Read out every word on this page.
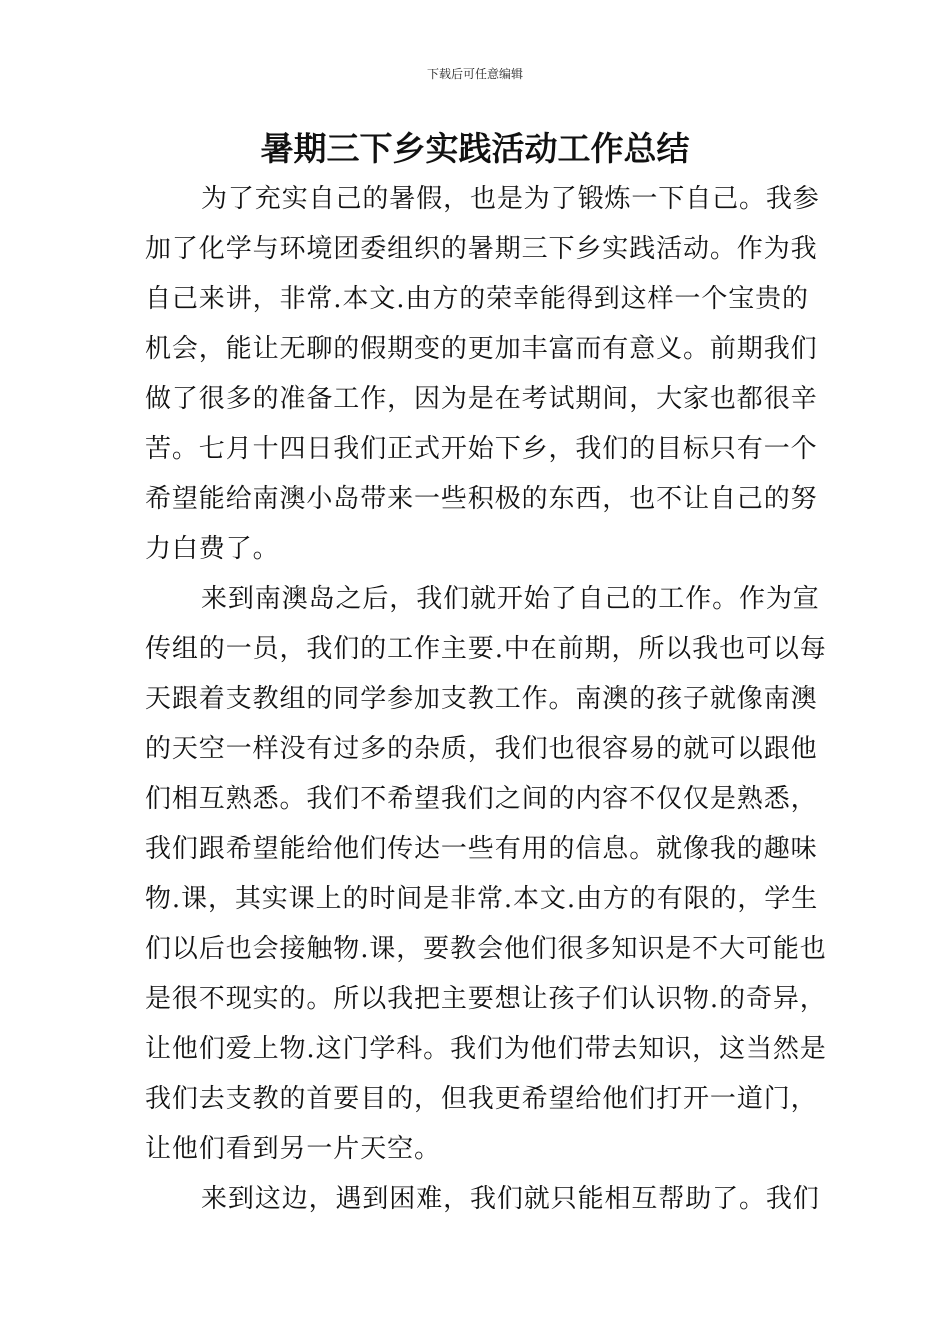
下载后可任意编辑
暑期三下乡实践活动工作总结

为了充实自己的暑假，也是为了锻炼一下自己。我参
加了化学与环境团委组织的暑期三下乡实践活动。作为我
自己来讲，非常.本文.由方的荣幸能得到这样一个宝贵的
机会，能让无聊的假期变的更加丰富而有意义。前期我们
做了很多的准备工作，因为是在考试期间，大家也都很辛
苦。七月十四日我们正式开始下乡，我们的目标只有一个
希望能给南澳小岛带来一些积极的东西，也不让自己的努
力白费了。

来到南澳岛之后，我们就开始了自己的工作。作为宣
传组的一员，我们的工作主要.中在前期，所以我也可以每
天跟着支教组的同学参加支教工作。南澳的孩子就像南澳
的天空一样没有过多的杂质，我们也很容易的就可以跟他
们相互熟悉。我们不希望我们之间的内容不仅仅是熟悉，
我们跟希望能给他们传达一些有用的信息。就像我的趣味
物.课，其实课上的时间是非常.本文.由方的有限的，学生
们以后也会接触物.课，要教会他们很多知识是不大可能也
是很不现实的。所以我把主要想让孩子们认识物.的奇异，
让他们爱上物.这门学科。我们为他们带去知识，这当然是
我们去支教的首要目的，但我更希望给他们打开一道门，
让他们看到另一片天空。

来到这边，遇到困难，我们就只能相互帮助了。我们
